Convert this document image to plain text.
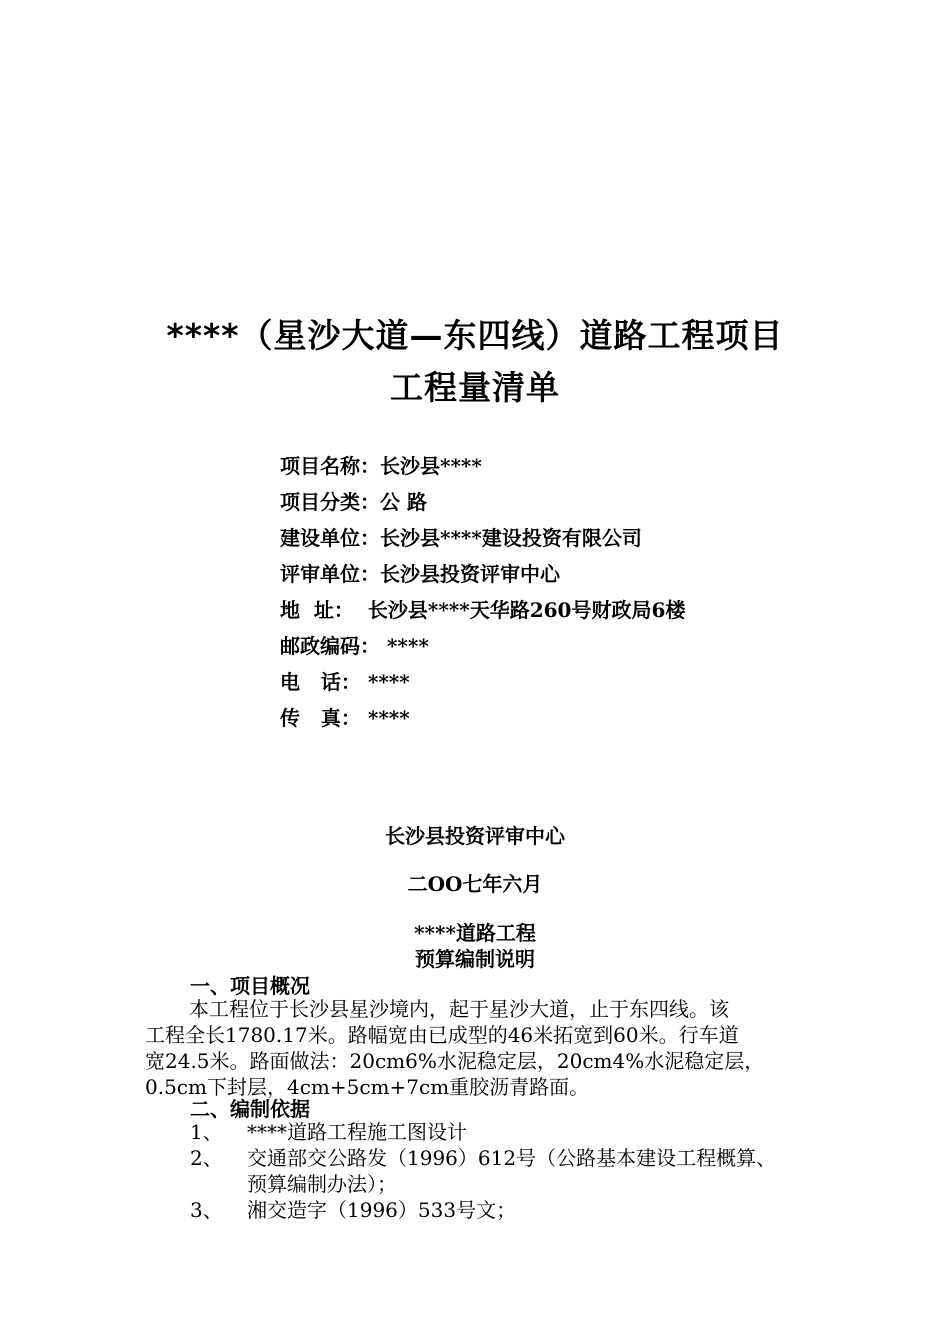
****（星沙大道—东四线）道路工程项目
工程量清单
项目名称：长沙县****
项目分类：公 路
建设单位：长沙县****建设投资有限公司
评审单位：长沙县投资评审中心
地  址：  长沙县****天华路260号财政局6楼
邮政编码： ****
电   话： ****
传   真： ****
长沙县投资评审中心
二OO七年六月
****道路工程
预算编制说明
一、项目概况
本工程位于长沙县星沙境内，起于星沙大道，止于东四线。该
工程全长1780.17米。路幅宽由已成型的46米拓宽到60米。行车道
宽24.5米。路面做法：20cm6%水泥稳定层，20cm4%水泥稳定层，
0.5cm下封层，4cm+5cm+7cm重胶沥青路面。
二、编制依据
1、	****道路工程施工图设计
2、	交通部交公路发（1996）612号（公路基本建设工程概算、
预算编制办法）；
3、	湘交造字（1996）533号文；
